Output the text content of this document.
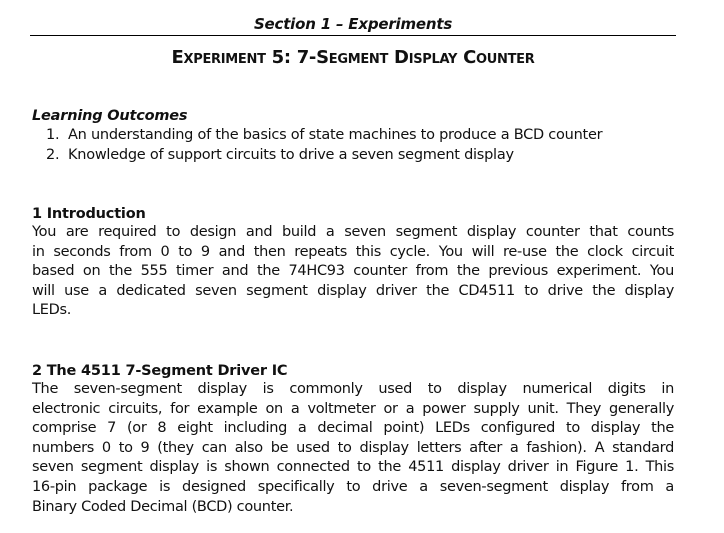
Section 1 – Experiments
Experiment 5: 7-Segment Display Counter
Learning Outcomes
1. An understanding of the basics of state machines to produce a BCD counter
2. Knowledge of support circuits to drive a seven segment display
1 Introduction
You are required to design and build a seven segment display counter that counts
in seconds from 0 to 9 and then repeats this cycle. You will re-use the clock circuit
based on the 555 timer and the 74HC93 counter from the previous experiment. You
will use a dedicated seven segment display driver the CD4511 to drive the display
LEDs.
2 The 4511 7-Segment Driver IC
The seven-segment display is commonly used to display numerical digits in
electronic circuits, for example on a voltmeter or a power supply unit. They generally
comprise 7 (or 8 eight including a decimal point) LEDs configured to display the
numbers 0 to 9 (they can also be used to display letters after a fashion). A standard
seven segment display is shown connected to the 4511 display driver in Figure 1. This
16-pin package is designed specifically to drive a seven-segment display from a
Binary Coded Decimal (BCD) counter.
